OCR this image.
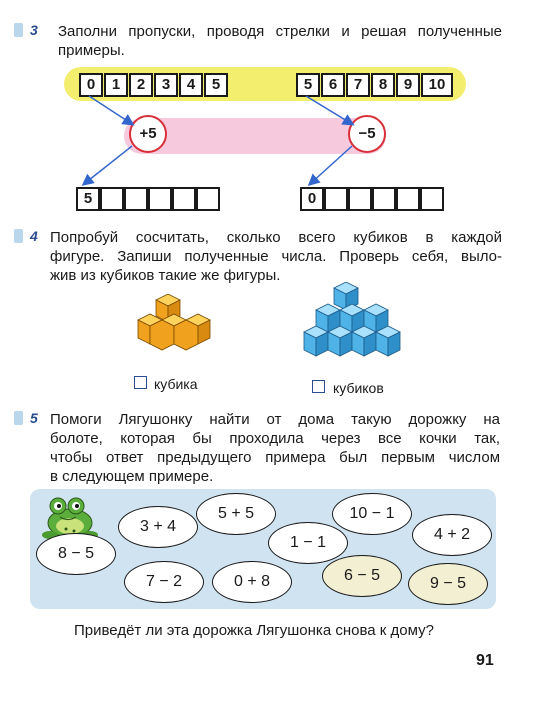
3 Заполни пропуски, проводя стрелки и решая полученные
примеры.
0	1	2	3	4	5	5	6	7	8	9	10
+5	−5
5	0
4 Попробуй сосчитать, сколько всего кубиков в каждой
фигуре. Запиши полученные числа. Проверь себя, выло-
жив из кубиков такие же фигуры.
кубика	кубиков
5 Помоги Лягушонку найти от дома такую дорожку на
болоте, которая бы проходила через все кочки так,
чтобы ответ предыдущего примера был первым числом
в следующем примере.
8 − 5
3 + 4
5 + 5
1 − 1
10 − 1
4 + 2
7 − 2	0 + 8	6 − 5	9 − 5
Приведёт ли эта дорожка Лягушонка снова к дому?
91
